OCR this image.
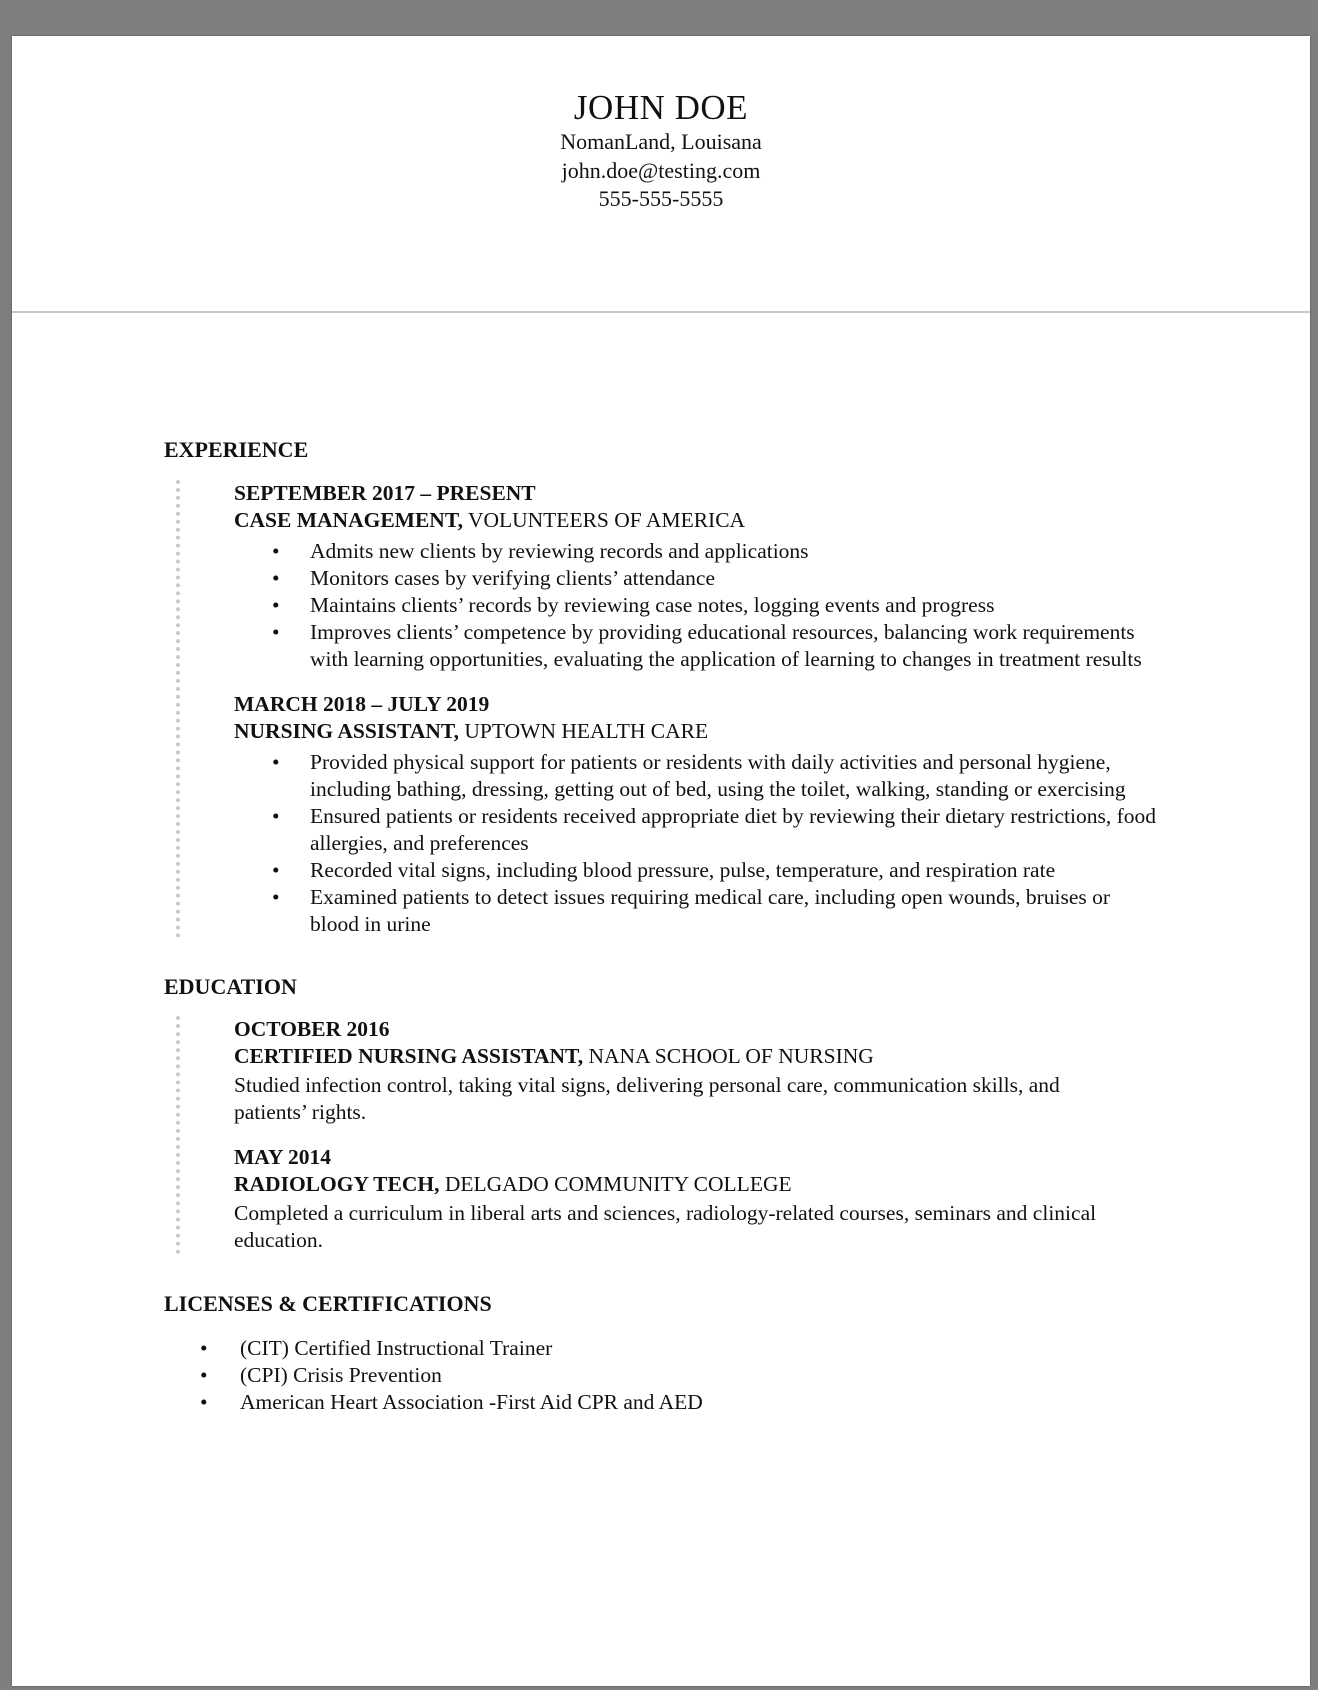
JOHN DOE

NomanLand, Louisana

john.doe@testing.com

555-555-5555

EXPERIENCE

SEPTEMBER 2017 – PRESENT

CASE MANAGEMENT, VOLUNTEERS OF AMERICA

• Admits new clients by reviewing records and applications
• Monitors cases by verifying clients’ attendance
• Maintains clients’ records by reviewing case notes, logging events and progress
• Improves clients’ competence by providing educational resources, balancing work requirements with learning opportunities, evaluating the application of learning to changes in treatment results

MARCH 2018 – JULY 2019

NURSING ASSISTANT, UPTOWN HEALTH CARE

• Provided physical support for patients or residents with daily activities and personal hygiene, including bathing, dressing, getting out of bed, using the toilet, walking, standing or exercising
• Ensured patients or residents received appropriate diet by reviewing their dietary restrictions, food allergies, and preferences
• Recorded vital signs, including blood pressure, pulse, temperature, and respiration rate
• Examined patients to detect issues requiring medical care, including open wounds, bruises or blood in urine

EDUCATION

OCTOBER 2016

CERTIFIED NURSING ASSISTANT, NANA SCHOOL OF NURSING

Studied infection control, taking vital signs, delivering personal care, communication skills, and patients’ rights.

MAY 2014

RADIOLOGY TECH, DELGADO COMMUNITY COLLEGE

Completed a curriculum in liberal arts and sciences, radiology-related courses, seminars and clinical education.

LICENSES & CERTIFICATIONS

• (CIT) Certified Instructional Trainer
• (CPI) Crisis Prevention
• American Heart Association -First Aid CPR and AED
